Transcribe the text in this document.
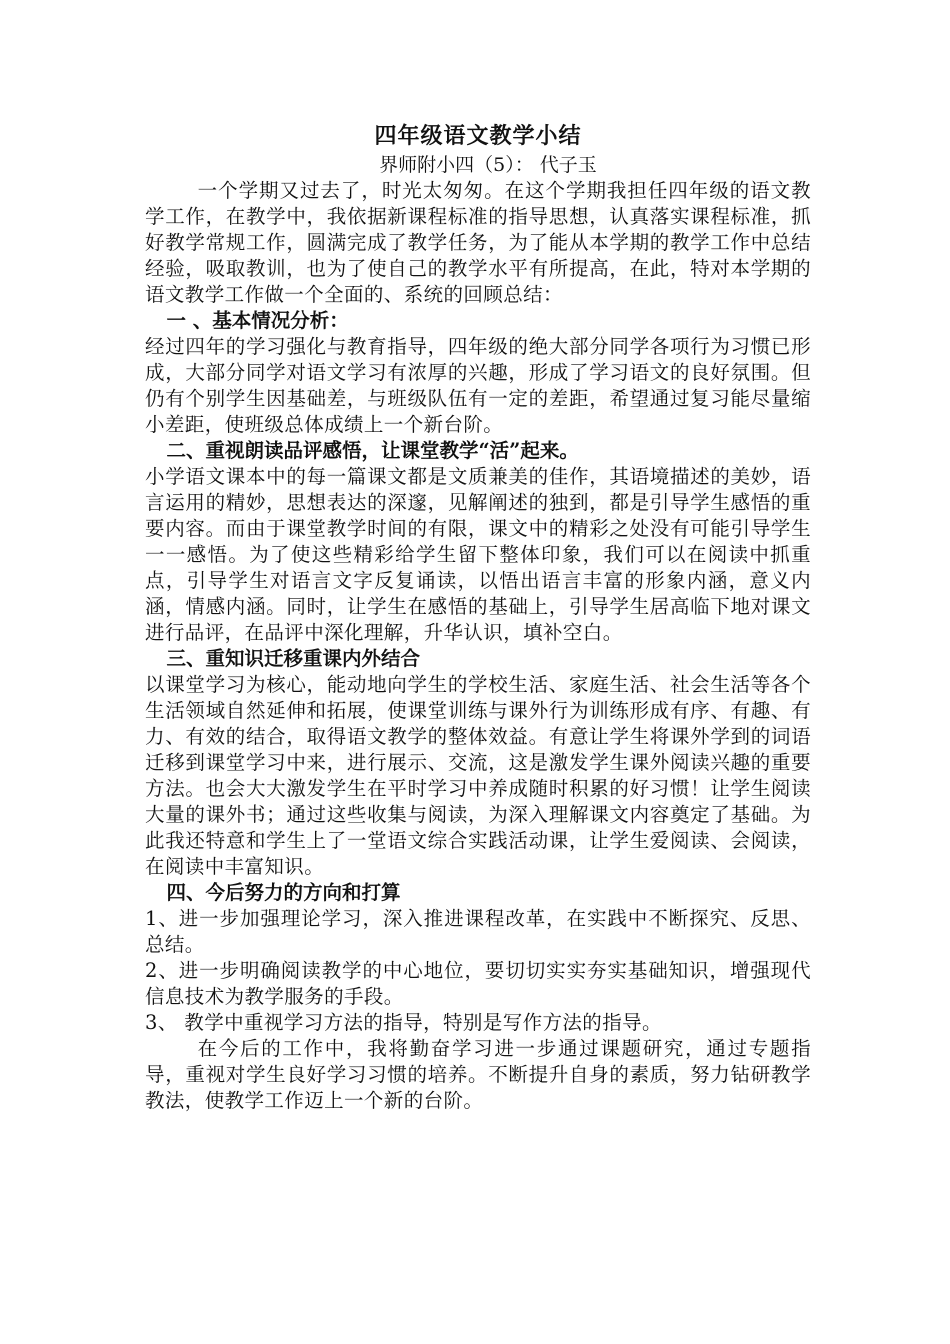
四年级语文教学小结
界师附小四（5）： 代子玉

一个学期又过去了，时光太匆匆。在这个学期我担任四年级的语文教学工作，在教学中，我依据新课程标准的指导思想，认真落实课程标准，抓好教学常规工作，圆满完成了教学任务，为了能从本学期的教学工作中总结经验，吸取教训，也为了使自己的教学水平有所提高，在此，特对本学期的语文教学工作做一个全面的、系统的回顾总结：

一 、基本情况分析：

经过四年的学习强化与教育指导，四年级的绝大部分同学各项行为习惯已形成，大部分同学对语文学习有浓厚的兴趣，形成了学习语文的良好氛围。但仍有个别学生因基础差，与班级队伍有一定的差距，希望通过复习能尽量缩小差距，使班级总体成绩上一个新台阶。

二、重视朗读品评感悟，让课堂教学“活”起来。

小学语文课本中的每一篇课文都是文质兼美的佳作，其语境描述的美妙，语言运用的精妙，思想表达的深邃，见解阐述的独到，都是引导学生感悟的重要内容。而由于课堂教学时间的有限，课文中的精彩之处没有可能引导学生一一感悟。为了使这些精彩给学生留下整体印象，我们可以在阅读中抓重点，引导学生对语言文字反复诵读，以悟出语言丰富的形象内涵，意义内涵，情感内涵。同时，让学生在感悟的基础上，引导学生居高临下地对课文进行品评，在品评中深化理解，升华认识，填补空白。

三、重知识迁移重课内外结合

以课堂学习为核心，能动地向学生的学校生活、家庭生活、社会生活等各个生活领域自然延伸和拓展，使课堂训练与课外行为训练形成有序、有趣、有力、有效的结合，取得语文教学的整体效益。有意让学生将课外学到的词语迁移到课堂学习中来，进行展示、交流，这是激发学生课外阅读兴趣的重要方法。也会大大激发学生在平时学习中养成随时积累的好习惯！让学生阅读大量的课外书；通过这些收集与阅读，为深入理解课文内容奠定了基础。为此我还特意和学生上了一堂语文综合实践活动课，让学生爱阅读、会阅读，在阅读中丰富知识。

四、今后努力的方向和打算

1、进一步加强理论学习，深入推进课程改革，在实践中不断探究、反思、总结。

2、进一步明确阅读教学的中心地位，要切切实实夯实基础知识，增强现代信息技术为教学服务的手段。

3、 教学中重视学习方法的指导，特别是写作方法的指导。

在今后的工作中，我将勤奋学习进一步通过课题研究，通过专题指导，重视对学生良好学习习惯的培养。不断提升自身的素质，努力钻研教学教法，使教学工作迈上一个新的台阶。
